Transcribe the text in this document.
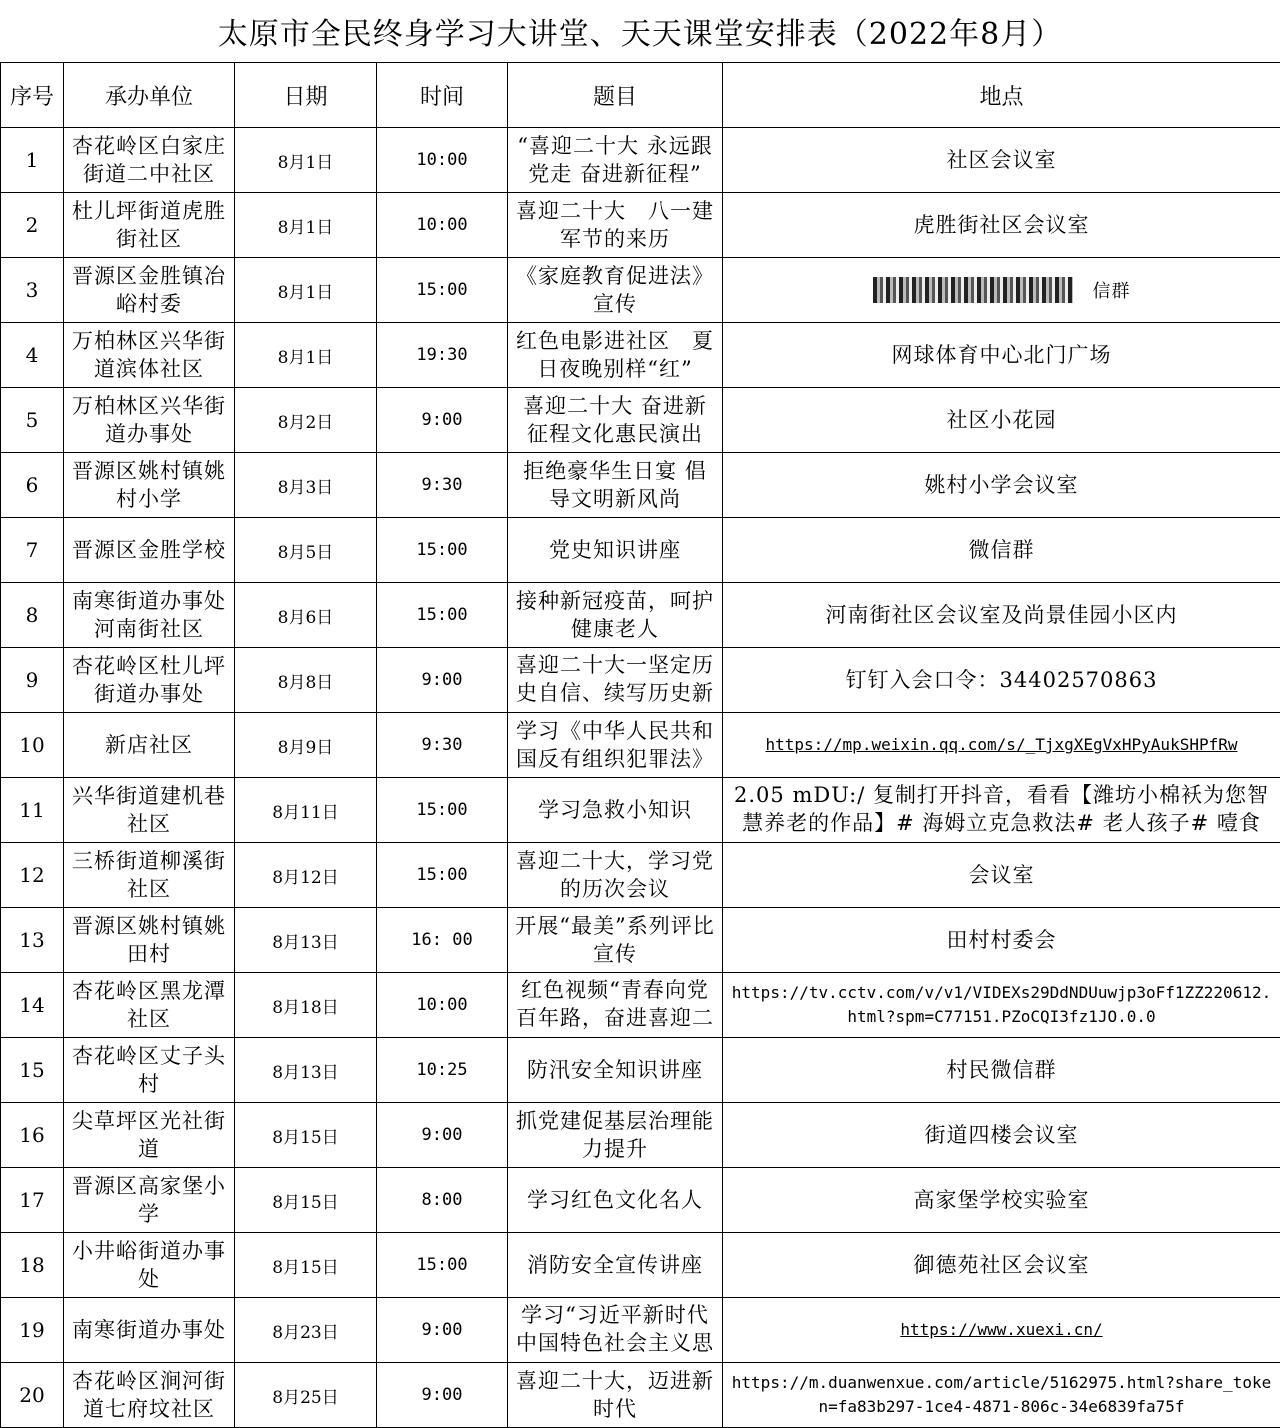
太原市全民终身学习大讲堂、天天课堂安排表（2022年8月）
序号	承办单位	日期	时间	题目	地点
1	杏花岭区白家庄街道二中社区	8月1日	10:00	“喜迎二十大 永远跟党走 奋进新征程”	社区会议室

2	杜儿坪街道虎胜街社区	8月1日	10:00	喜迎二十大　八一建军节的来历	虎胜街社区会议室

3	晋源区金胜镇冶峪村委	8月1日	15:00	《家庭教育促进法》宣传	信群

4	万柏林区兴华街道滨体社区	8月1日	19:30	红色电影进社区　夏日夜晚别样“红”	网球体育中心北门广场

5	万柏林区兴华街道办事处	8月2日	9:00	喜迎二十大 奋进新征程文化惠民演出	社区小花园

6	晋源区姚村镇姚村小学	8月3日	9:30	拒绝豪华生日宴 倡导文明新风尚	姚村小学会议室

7	晋源区金胜学校	8月5日	15:00	党史知识讲座	微信群

8	南寒街道办事处河南街社区	8月6日	15:00	接种新冠疫苗，呵护健康老人	河南街社区会议室及尚景佳园小区内

9	杏花岭区杜儿坪街道办事处	8月8日	9:00	喜迎二十大一坚定历史自信、续写历史新	钉钉入会口令：34402570863

10	新店社区	8月9日	9:30	学习《中华人民共和国反有组织犯罪法》	https://mp.weixin.qq.com/s/_TjxgXEgVxHPyAukSHPfRw

11	兴华街道建机巷社区	8月11日	15:00	学习急救小知识	2.05 mDU:/ 复制打开抖音，看看【潍坊小棉袄为您智慧养老的作品】# 海姆立克急救法# 老人孩子# 噎食

12	三桥街道柳溪街社区	8月12日	15:00	喜迎二十大，学习党的历次会议	会议室

13	晋源区姚村镇姚田村	8月13日	16: 00	开展“最美”系列评比宣传	田村村委会

14	杏花岭区黑龙潭社区	8月18日	10:00	红色视频“青春向党百年路，奋进喜迎二	https://tv.cctv.com/v/v1/VIDEXs29DdNDUuwjp3oFf1ZZ220612.html?spm=C77151.PZoCQI3fz1JO.0.0

15	杏花岭区丈子头村	8月13日	10:25	防汛安全知识讲座	村民微信群

16	尖草坪区光社街道	8月15日	9:00	抓党建促基层治理能力提升	街道四楼会议室

17	晋源区高家堡小学	8月15日	8:00	学习红色文化名人	高家堡学校实验室

18	小井峪街道办事处	8月15日	15:00	消防安全宣传讲座	御德苑社区会议室

19	南寒街道办事处	8月23日	9:00	学习“习近平新时代中国特色社会主义思	https://www.xuexi.cn/

20	杏花岭区涧河街道七府坟社区	8月25日	9:00	喜迎二十大，迈进新时代	https://m.duanwenxue.com/article/5162975.html?share_token=fa83b297-1ce4-4871-806c-34e6839fa75f
